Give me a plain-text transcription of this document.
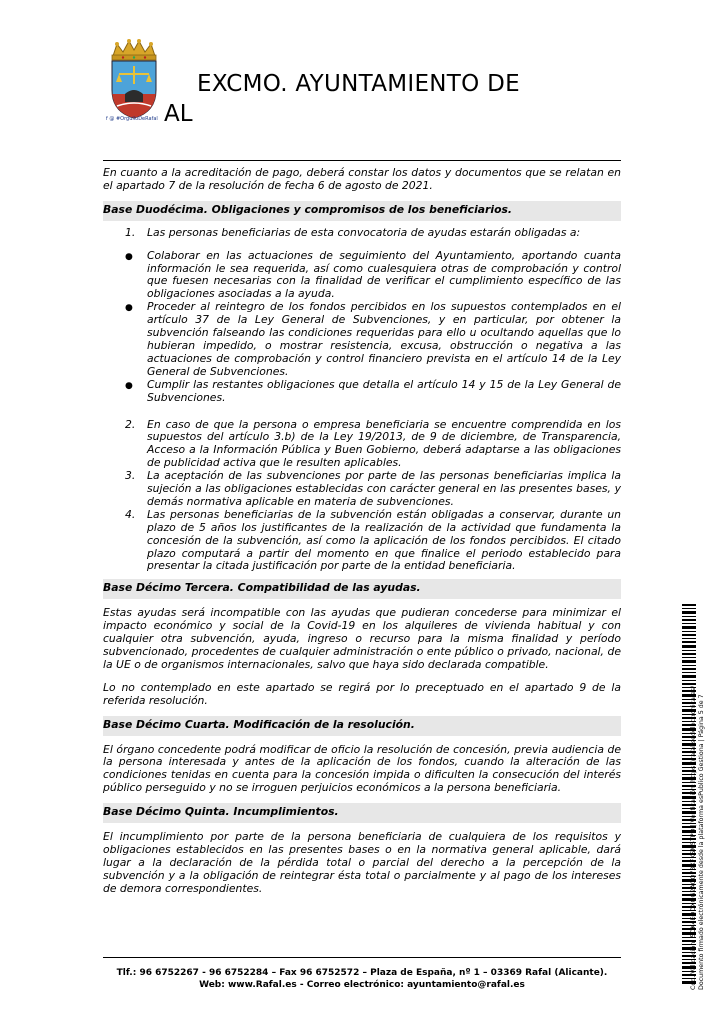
f @ #OrgulloDeRafal
EXCMO. AYUNTAMIENTO DE
AL

En cuanto a la acreditación de pago, deberá constar los datos y documentos que se relatan en el apartado 7 de la resolución de fecha 6 de agosto de 2021.

Base Duodécima. Obligaciones y compromisos de los beneficiarios.

1.	Las personas beneficiarias de esta convocatoria de ayudas estarán obligadas a:
●	Colaborar en las actuaciones de seguimiento del Ayuntamiento, aportando cuanta información le sea requerida, así como cualesquiera otras de comprobación y control que fuesen necesarias con la finalidad de verificar el cumplimiento específico de las obligaciones asociadas a la ayuda.
●	Proceder al reintegro de los fondos percibidos en los supuestos contemplados en el artículo 37 de la Ley General de Subvenciones, y en particular, por obtener la subvención falseando las condiciones requeridas para ello u ocultando aquellas que lo hubieran impedido, o mostrar resistencia, excusa, obstrucción o negativa a las actuaciones de comprobación y control financiero prevista en el artículo 14 de la Ley General de Subvenciones.
●	Cumplir las restantes obligaciones que detalla el artículo 14 y 15 de la Ley General de Subvenciones.
2.	En caso de que la persona o empresa beneficiaria se encuentre comprendida en los supuestos del artículo 3.b) de la Ley 19/2013, de 9 de diciembre, de Transparencia, Acceso a la Información Pública y Buen Gobierno, deberá adaptarse a las obligaciones de publicidad activa que le resulten aplicables.
3.	La aceptación de las subvenciones por parte de las personas beneficiarias implica la sujeción a las obligaciones establecidas con carácter general en las presentes bases, y demás normativa aplicable en materia de subvenciones.
4.	Las personas beneficiarias de la subvención están obligadas a conservar, durante un plazo de 5 años los justificantes de la realización de la actividad que fundamenta la concesión de la subvención, así como la aplicación de los fondos percibidos. El citado plazo computará a partir del momento en que finalice el periodo establecido para presentar la citada justificación por parte de la entidad beneficiaria.

Base Décimo Tercera. Compatibilidad de las ayudas.

Estas ayudas será incompatible con las ayudas que pudieran concederse para minimizar el impacto económico y social de la Covid-19 en los alquileres de vivienda habitual y con cualquier otra subvención, ayuda, ingreso o recurso para la misma finalidad y período subvencionado, procedentes de cualquier administración o ente público o privado, nacional, de la UE o de organismos internacionales, salvo que haya sido declarada compatible.

Lo no contemplado en este apartado se regirá por lo preceptuado en el apartado 9 de la referida resolución.

Base Décimo Cuarta. Modificación de la resolución.

El órgano concedente podrá modificar de oficio la resolución de concesión, previa audiencia de la persona interesada y antes de la aplicación de los fondos, cuando la alteración de las condiciones tenidas en cuenta para la concesión impida o dificulten la consecución del interés público perseguido y no se irroguen perjuicios económicos a la persona beneficiaria.

Base Décimo Quinta. Incumplimientos.

El incumplimiento por parte de la persona beneficiaria de cualquiera de los requisitos y obligaciones establecidos en las presentes bases o en la normativa general aplicable, dará lugar a la declaración de la pérdida total o parcial del derecho a la percepción de la subvención y a la obligación de reintegrar ésta total o parcialmente y al pago de los intereses de demora correspondientes.

Tlf.: 96 6752267 - 96 6752284 – Fax 96 6752572 – Plaza de España, nº 1 – 03369 Rafal (Alicante).
Web: www.Rafal.es - Correo electrónico: ayuntamiento@rafal.es	Cód. Validación: 5DK4EQDXQG2AGQ73XFKSM5TPD | Verificación: https://rafal.sedelectronica.es/ Documento firmado electrónicamente desde la plataforma esPublico Gestiona | Página 5 de 7
